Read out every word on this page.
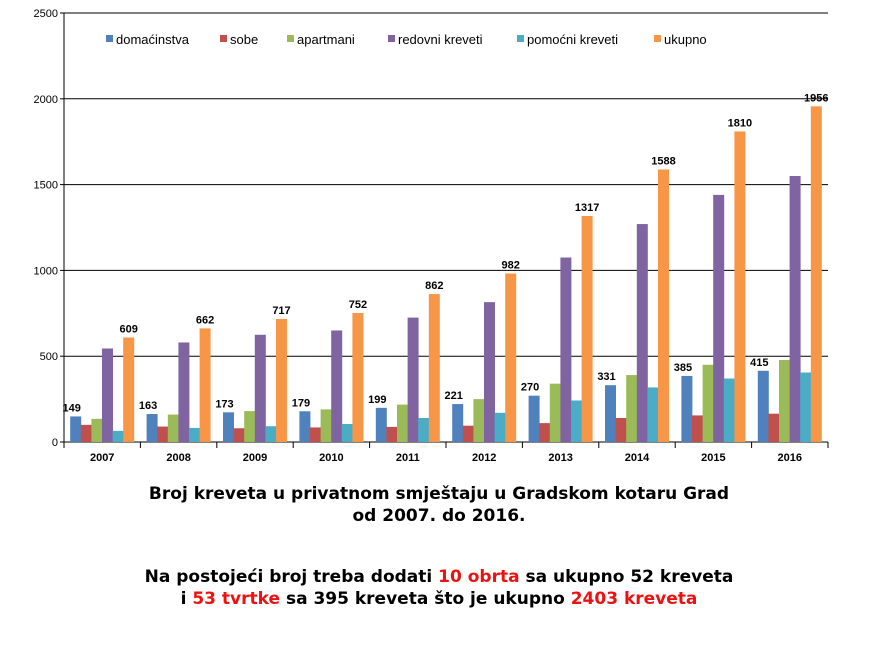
0
500
1000
1500
2000
2500
2007	2008	2009	2010	2011	2012	2013	2014	2015	2016
149
609
163
662
173
717
179
752
199
862
221
982
270
1317
331
1588
385
1810
415
1956
domaćinstva	sobe	apartmani	redovni kreveti	pomoćni kreveti	ukupno
Broj kreveta u privatnom smještaju u Gradskom kotaru Grad
od 2007. do 2016.
Na postojeći broj treba dodati 10 obrta sa ukupno 52 kreveta
i 53 tvrtke sa 395 kreveta što je ukupno 2403 kreveta
